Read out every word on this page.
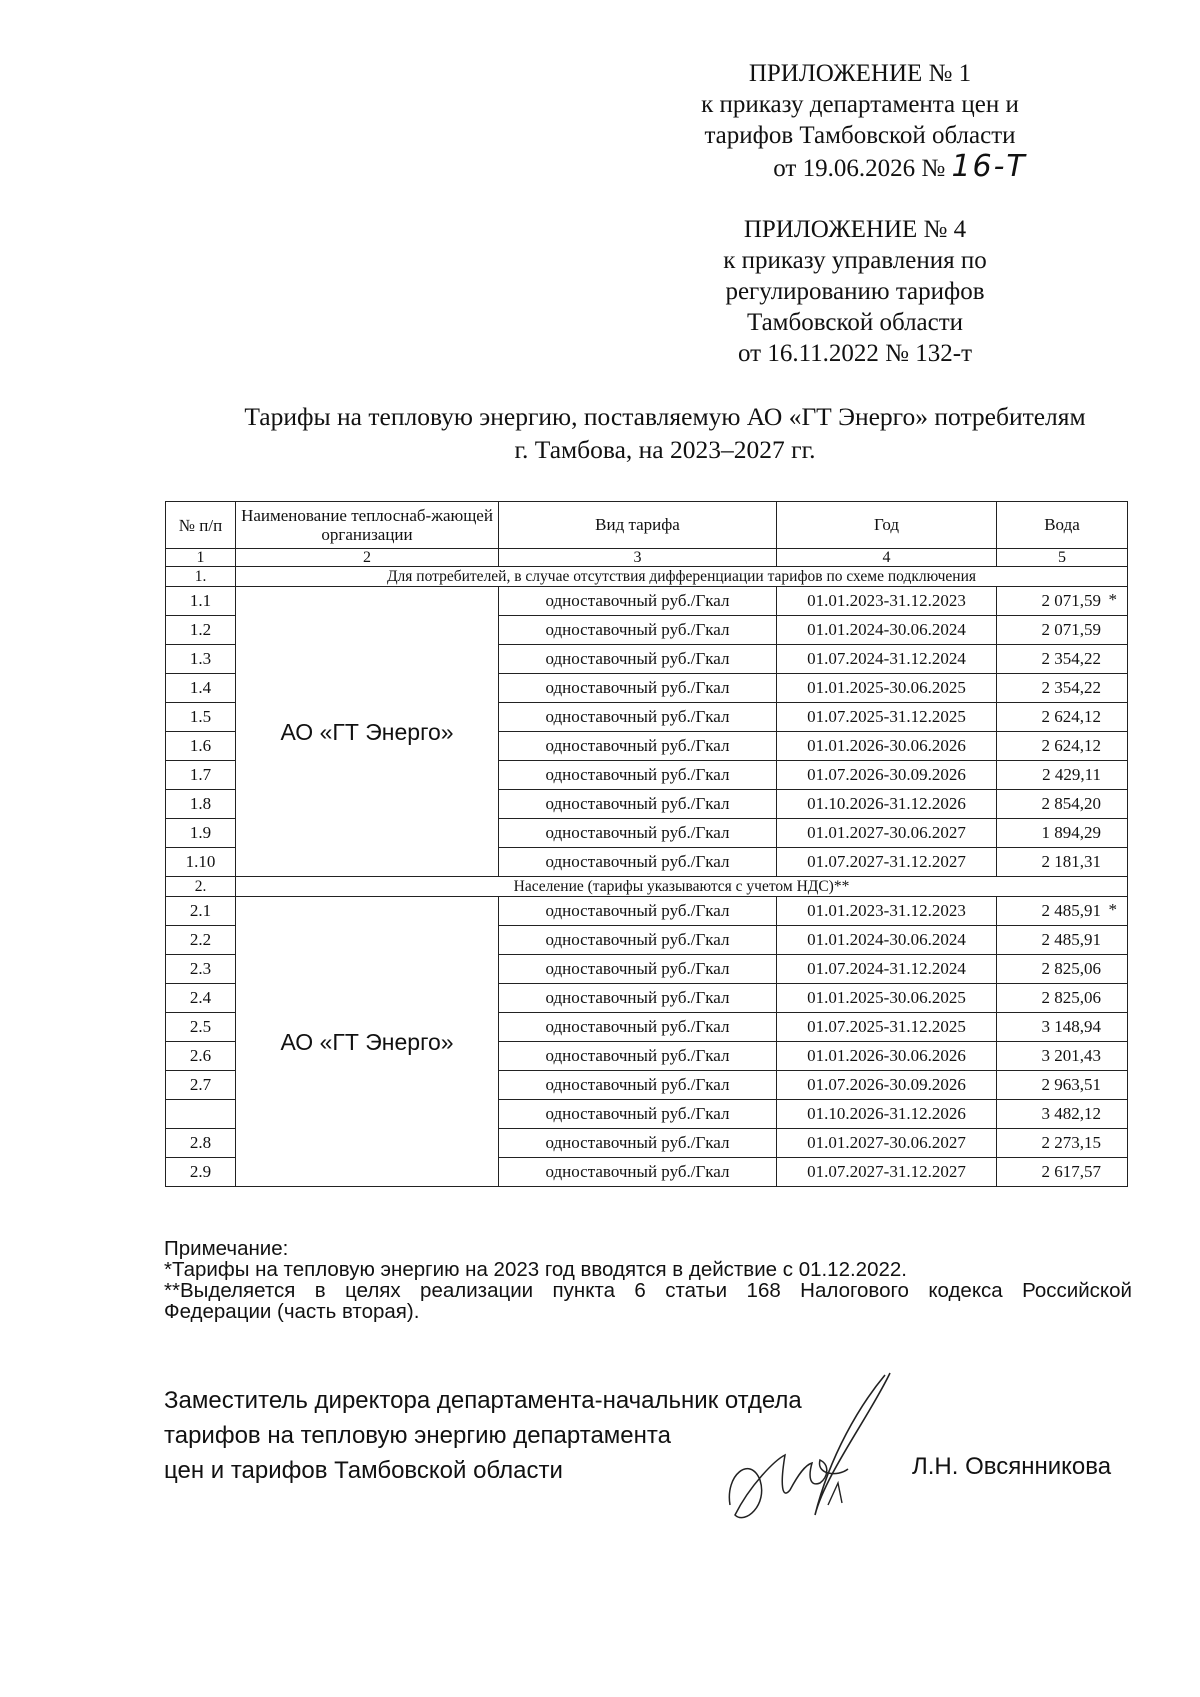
ПРИЛОЖЕНИЕ № 1
к приказу департамента цен и
тарифов Тамбовской области
от 19.06.2026 № 16-Т
ПРИЛОЖЕНИЕ № 4
к приказу управления по
регулированию тарифов
Тамбовской области
от 16.11.2022 № 132-т
Тарифы на тепловую энергию, поставляемую АО «ГТ Энерго» потребителям
г. Тамбова, на 2023–2027 гг.
№ п/п	Наименование теплоснаб-жающей организации	Вид тарифа	Год	Вода
1	2	3	4	5
1.	Для потребителей, в случае отсутствия дифференциации тарифов по схеме подключения			
1.1	АО «ГТ Энерго»	одноставочный руб./Гкал	01.01.2023-31.12.2023	2 071,59 *

1.2		одноставочный руб./Гкал	01.01.2024-30.06.2024	2 071,59

1.3		одноставочный руб./Гкал	01.07.2024-31.12.2024	2 354,22

1.4		одноставочный руб./Гкал	01.01.2025-30.06.2025	2 354,22

1.5		одноставочный руб./Гкал	01.07.2025-31.12.2025	2 624,12

1.6		одноставочный руб./Гкал	01.01.2026-30.06.2026	2 624,12

1.7		одноставочный руб./Гкал	01.07.2026-30.09.2026	2 429,11

1.8		одноставочный руб./Гкал	01.10.2026-31.12.2026	2 854,20

1.9		одноставочный руб./Гкал	01.01.2027-30.06.2027	1 894,29

1.10		одноставочный руб./Гкал	01.07.2027-31.12.2027	2 181,31

2.	Население (тарифы указываются с учетом НДС)**			
2.1	АО «ГТ Энерго»	одноставочный руб./Гкал	01.01.2023-31.12.2023	2 485,91 *

2.2		одноставочный руб./Гкал	01.01.2024-30.06.2024	2 485,91

2.3		одноставочный руб./Гкал	01.07.2024-31.12.2024	2 825,06

2.4		одноставочный руб./Гкал	01.01.2025-30.06.2025	2 825,06

2.5		одноставочный руб./Гкал	01.07.2025-31.12.2025	3 148,94

2.6		одноставочный руб./Гкал	01.01.2026-30.06.2026	3 201,43

2.7		одноставочный руб./Гкал	01.07.2026-30.09.2026	2 963,51

		одноставочный руб./Гкал	01.10.2026-31.12.2026	3 482,12

2.8		одноставочный руб./Гкал	01.01.2027-30.06.2027	2 273,15

2.9		одноставочный руб./Гкал	01.07.2027-31.12.2027	2 617,57
Примечание:
*Тарифы на тепловую энергию на 2023 год вводятся в действие с 01.12.2022.
**Выделяется в целях реализации пункта 6 статьи 168 Налогового кодекса Российской
Федерации (часть вторая).
Заместитель директора департамента-начальник отдела
тарифов на тепловую энергию департамента
цен и тарифов Тамбовской области	Л.Н. Овсянникова
